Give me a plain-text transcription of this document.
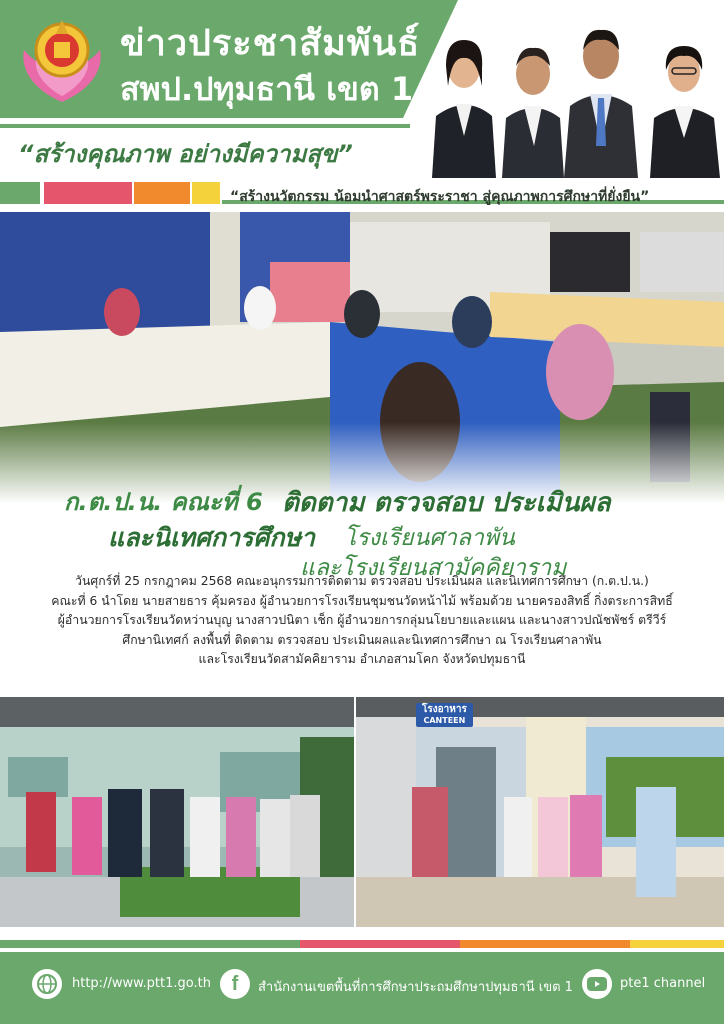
ข่าวประชาสัมพันธ์
สพป.ปทุมธานี เขต 1
“สร้างคุณภาพ อย่างมีความสุข”
“สร้างนวัตกรรม น้อมนำศาสตร์พระราชา สู่คุณภาพการศึกษาที่ยั่งยืน”
ก.ต.ป.น. คณะที่ 6 ติดตาม ตรวจสอบ ประเมินผล
และนิเทศการศึกษา โรงเรียนศาลาพัน
และโรงเรียนสามัคคิยาราม
วันศุกร์ที่ 25 กรกฎาคม 2568 คณะอนุกรรมการติดตาม ตรวจสอบ ประเมินผล และนิเทศการศึกษา (ก.ต.ป.น.)
คณะที่ 6 นำโดย นายสายธาร คุ้มครอง ผู้อำนวยการโรงเรียนชุมชนวัดหน้าไม้ พร้อมด้วย นายครองสิทธิ์ กิ่งตระการสิทธิ์
ผู้อำนวยการโรงเรียนวัดหว่านบุญ นางสาวปนิตา เช็ก ผู้อำนวยการกลุ่มนโยบายและแผน และนางสาวปณัชพัชร์ ตรีวีร์
ศึกษานิเทศก์ ลงพื้นที่ ติดตาม ตรวจสอบ ประเมินผลและนิเทศการศึกษา ณ โรงเรียนศาลาพัน
และโรงเรียนวัดสามัคคิยาราม อำเภอสามโคก จังหวัดปทุมธานี
โรงอาหาร
CANTEEN
http://www.ptt1.go.th f สำนักงานเขตพื้นที่การศึกษาประถมศึกษาปทุมธานี เขต 1	pte1 channel
